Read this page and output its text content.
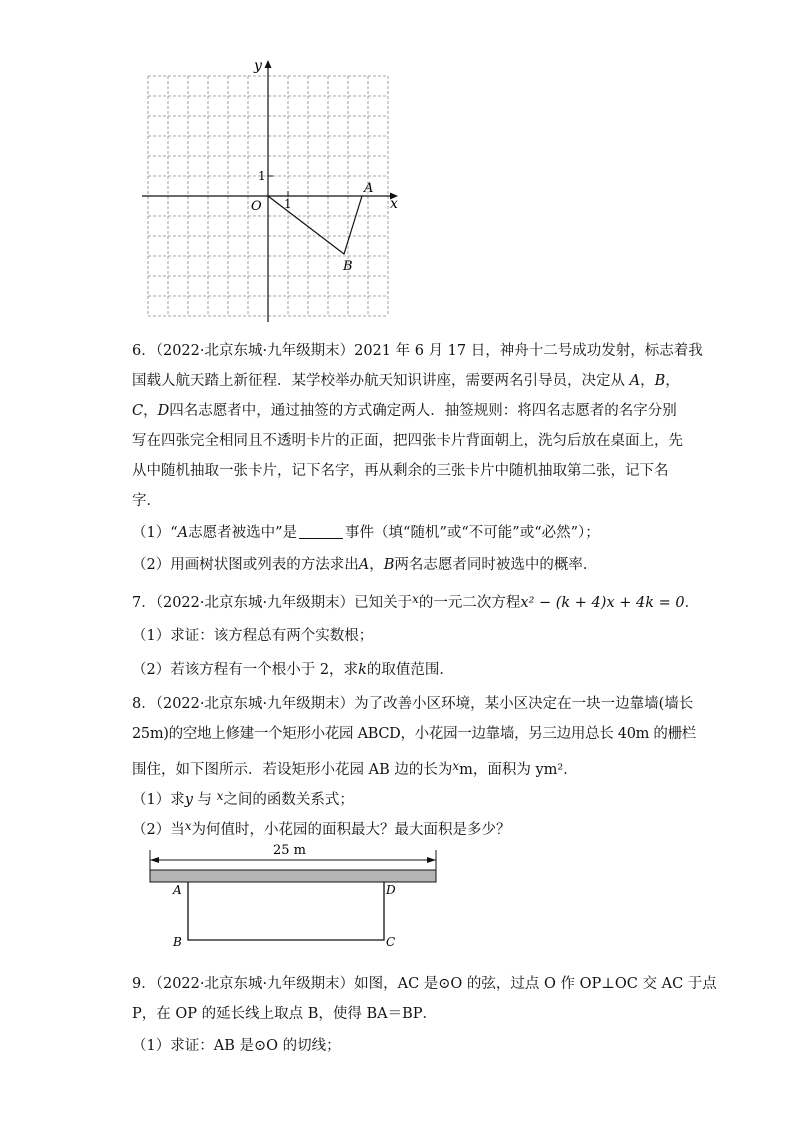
y
x
O
1
1
A
B
6．（2022·北京东城·九年级期末）2021 年 6 月 17 日，神舟十二号成功发射，标志着我
国载人航天踏上新征程．某学校举办航天知识讲座，需要两名引导员，决定从 A，B，
C，D四名志愿者中，通过抽签的方式确定两人．抽签规则：将四名志愿者的名字分别
写在四张完全相同且不透明卡片的正面，把四张卡片背面朝上，洗匀后放在桌面上，先
从中随机抽取一张卡片，记下名字，再从剩余的三张卡片中随机抽取第二张，记下名
字．
（1）“A志愿者被选中”是	事件（填“随机”或“不可能”或“必然”）；
（2）用画树状图或列表的方法求出A，B两名志愿者同时被选中的概率．
7．（2022·北京东城·九年级期末）已知关于$^x$的一元二次方程x² − (k + 4)x + 4k = 0．
（1）求证：该方程总有两个实数根；
（2）若该方程有一个根小于 2，求k的取值范围．
8．（2022·北京东城·九年级期末）为了改善小区环境，某小区决定在一块一边靠墙(墙长
25m)的空地上修建一个矩形小花园 ABCD，小花园一边靠墙，另三边用总长 40m 的栅栏
围住，如下图所示．若设矩形小花园 AB 边的长为$^x$m，面积为 ym²．
（1）求y 与 $^x$之间的函数关系式；
（2）当$^x$为何值时，小花园的面积最大？最大面积是多少？
25 m
A
B	C
D
9．（2022·北京东城·九年级期末）如图，AC 是⊙O 的弦，过点 O 作 OP⊥OC 交 AC 于点
P，在 OP 的延长线上取点 B，使得 BA＝BP．
（1）求证：AB 是⊙O 的切线；
